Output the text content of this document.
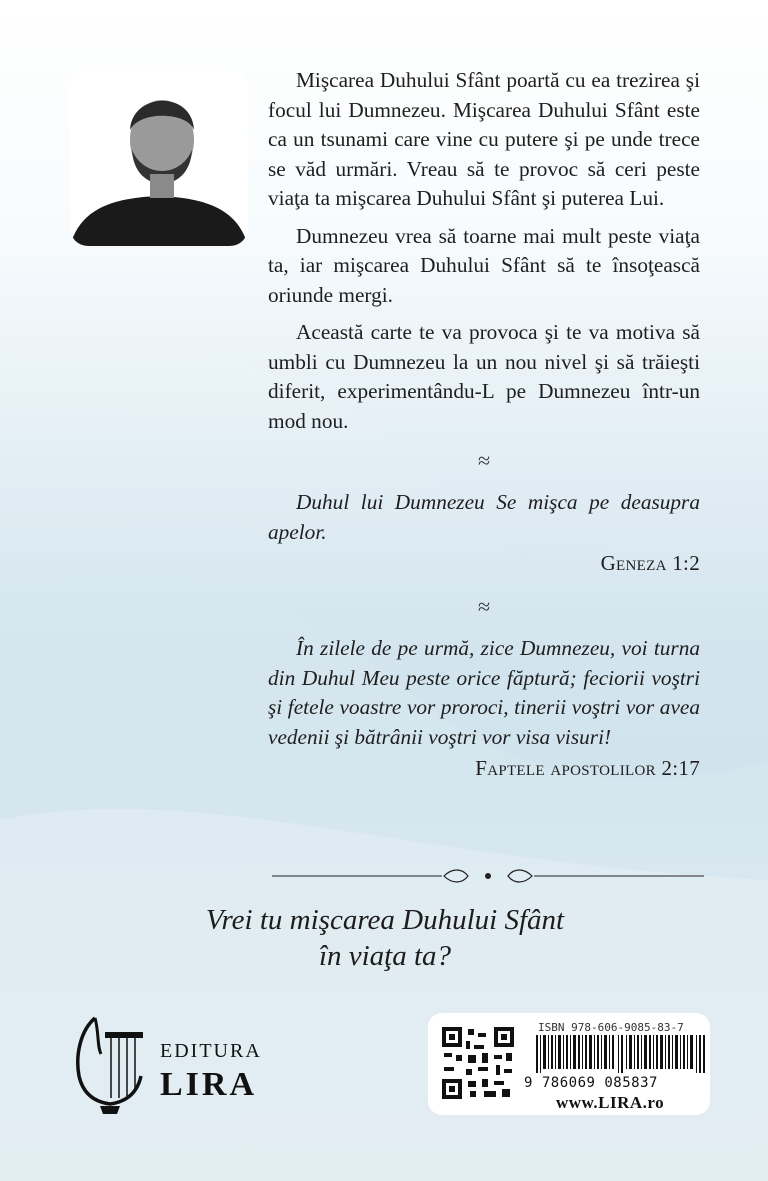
Mişcarea Duhului Sfânt poartă cu ea trezirea şi focul lui Dumnezeu. Mişcarea Duhului Sfânt este ca un tsunami care vine cu putere şi pe unde trece se văd urmări. Vreau să te provoc să ceri peste viaţa ta mişcarea Duhului Sfânt şi puterea Lui.

Dumnezeu vrea să toarne mai mult peste viaţa ta, iar mişcarea Duhului Sfânt să te însoţească oriunde mergi.

Această carte te va provoca şi te va motiva să umbli cu Dumnezeu la un nou nivel şi să trăieşti diferit, experimentându-L pe Dumnezeu într-un mod nou.

≈

Duhul lui Dumnezeu Se mişca pe deasupra apelor.

Geneza 1:2

≈

În zilele de pe urmă, zice Dumnezeu, voi turna din Duhul Meu peste orice făptură; feciorii voştri şi fetele voastre vor proroci, tinerii voştri vor avea vedenii şi bătrânii voştri vor visa visuri!

Faptele apostolilor 2:17

Vrei tu mişcarea Duhului Sfânt
în viaţa ta?
EDITURA
LIRA
ISBN 978-606-9085-83-7
9 786069 085837
www.LIRA.ro
